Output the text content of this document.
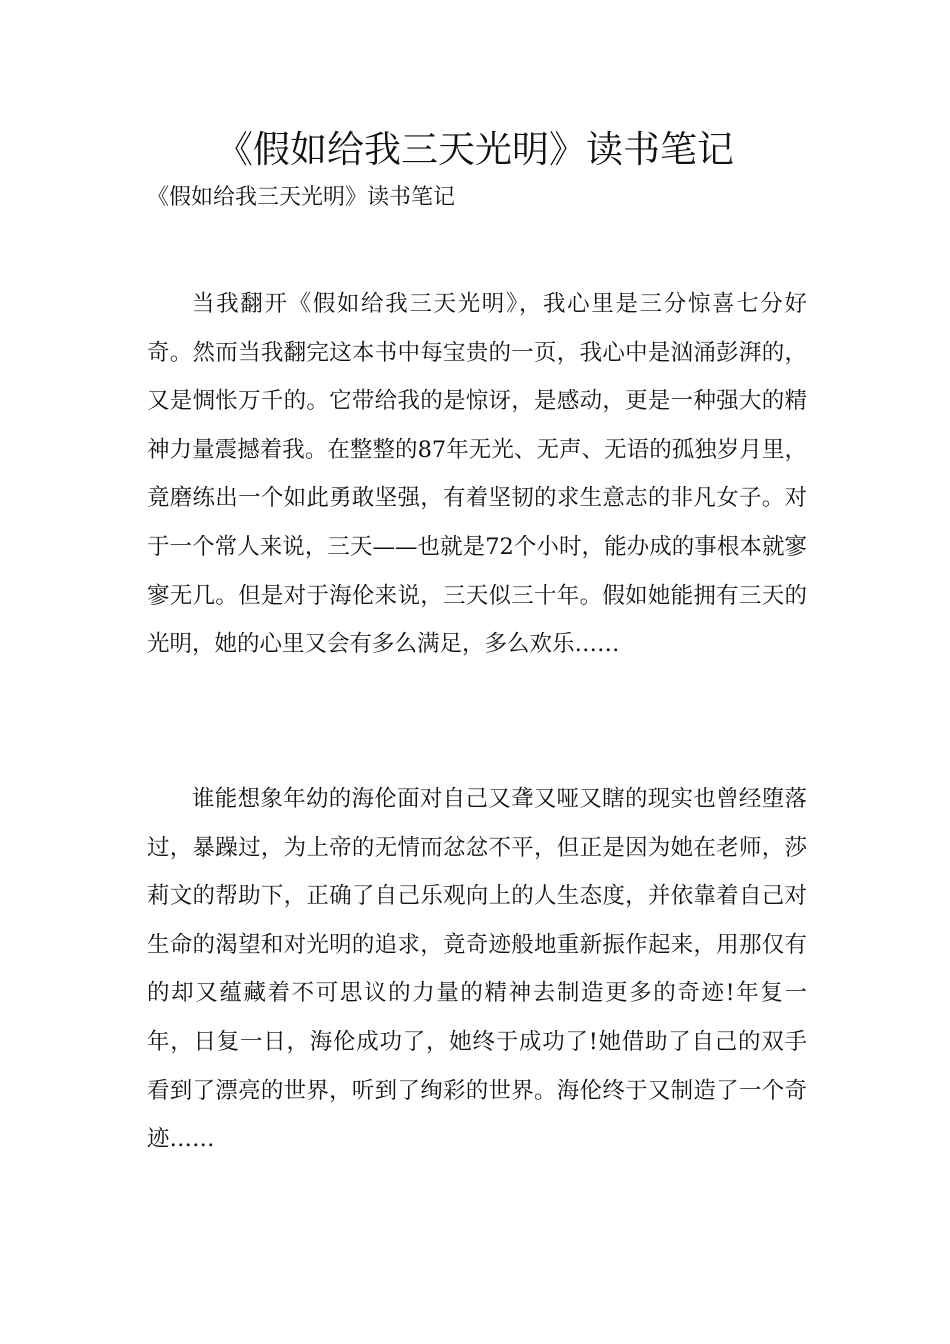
《假如给我三天光明》读书笔记

《假如给我三天光明》读书笔记

当我翻开《假如给我三天光明》，我心里是三分惊喜七分好奇。然而当我翻完这本书中每宝贵的一页，我心中是汹涌彭湃的，又是惆怅万千的。它带给我的是惊讶，是感动，更是一种强大的精神力量震撼着我。在整整的87年无光、无声、无语的孤独岁月里，竟磨练出一个如此勇敢坚强，有着坚韧的求生意志的非凡女子。对于一个常人来说，三天——也就是72个小时，能办成的事根本就寥寥无几。但是对于海伦来说，三天似三十年。假如她能拥有三天的光明，她的心里又会有多么满足，多么欢乐……

谁能想象年幼的海伦面对自己又聋又哑又瞎的现实也曾经堕落过，暴躁过，为上帝的无情而忿忿不平，但正是因为她在老师，莎莉文的帮助下，正确了自己乐观向上的人生态度，并依靠着自己对生命的渴望和对光明的追求，竟奇迹般地重新振作起来，用那仅有的却又蕴藏着不可思议的力量的精神去制造更多的奇迹!年复一年，日复一日，海伦成功了，她终于成功了!她借助了自己的双手看到了漂亮的世界，听到了绚彩的世界。海伦终于又制造了一个奇迹……
